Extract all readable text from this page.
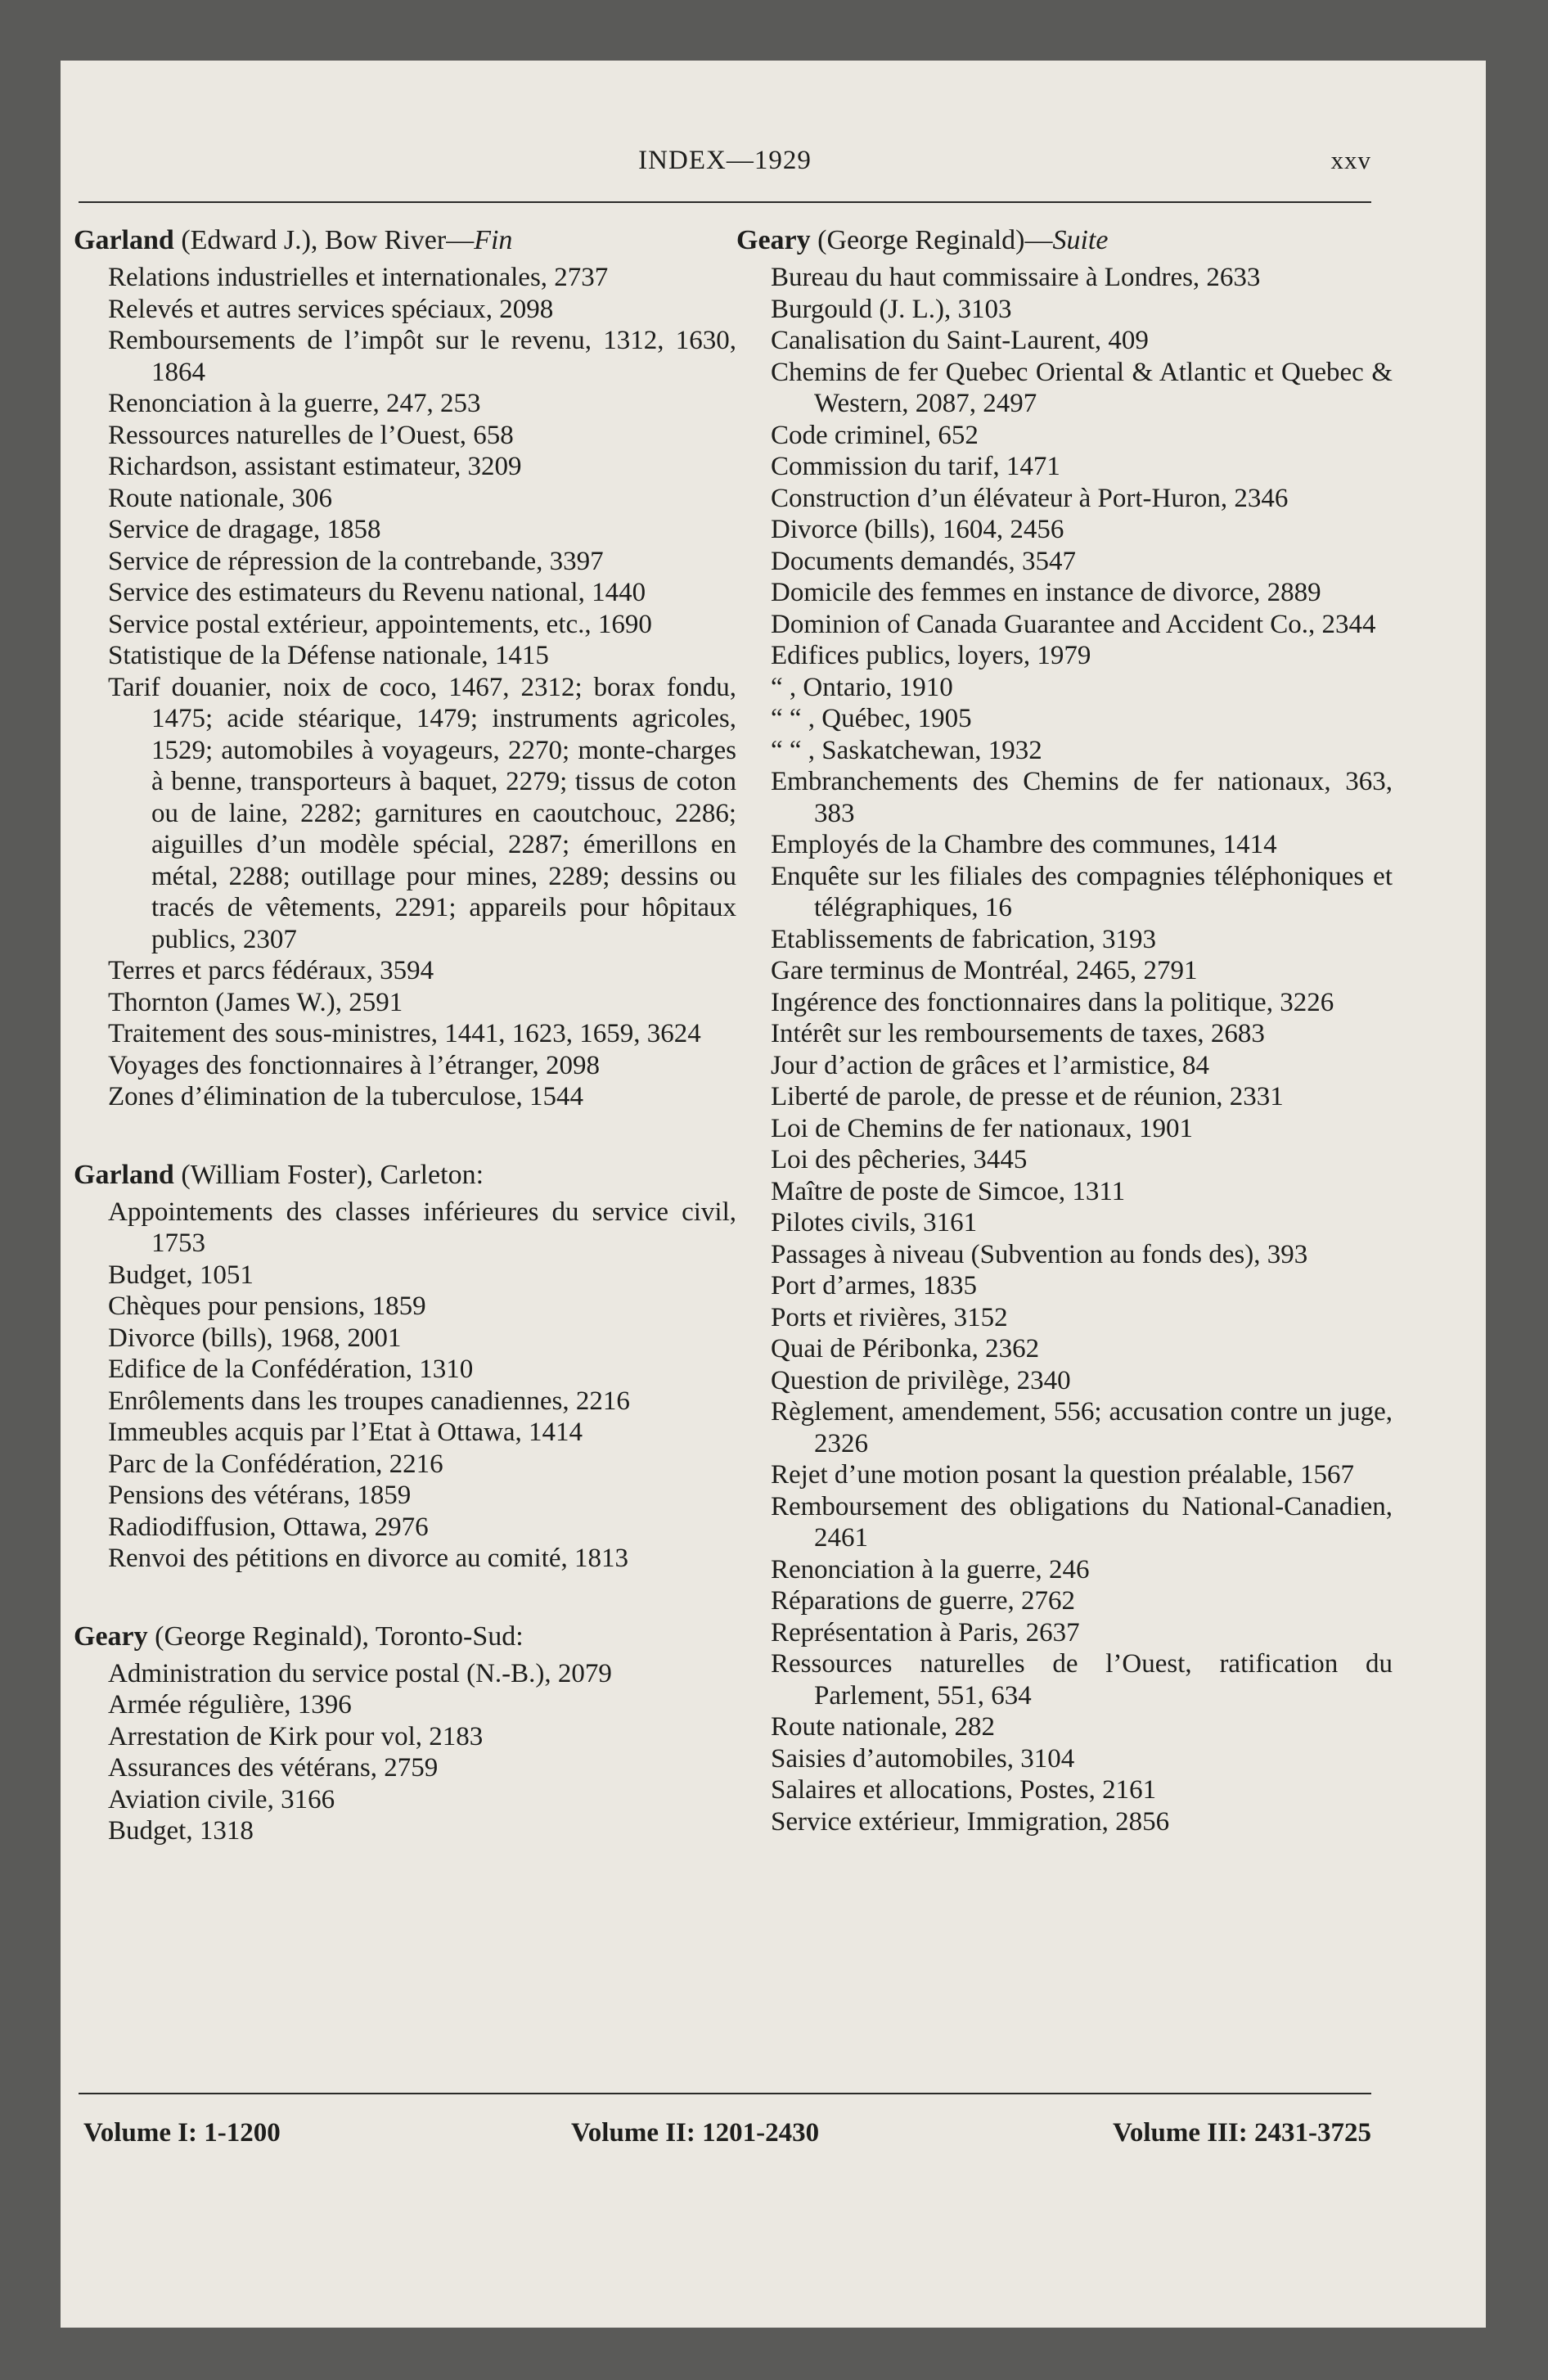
INDEX—1929	xxv
Garland (Edward J.), Bow River—Fin
Relations industrielles et internationales, 2737
Relevés et autres services spéciaux, 2098
Remboursements de l’impôt sur le revenu, 1312, 1630, 1864
Renonciation à la guerre, 247, 253
Ressources naturelles de l’Ouest, 658
Richardson, assistant estimateur, 3209
Route nationale, 306
Service de dragage, 1858
Service de répression de la contrebande, 3397
Service des estimateurs du Revenu national, 1440
Service postal extérieur, appointements, etc., 1690
Statistique de la Défense nationale, 1415
Tarif douanier, noix de coco, 1467, 2312; borax fondu, 1475; acide stéarique, 1479; instruments agricoles, 1529; automobiles à voyageurs, 2270; monte-charges à benne, transporteurs à baquet, 2279; tissus de coton ou de laine, 2282; garnitures en caoutchouc, 2286; aiguilles d’un modèle spécial, 2287; émerillons en métal, 2288; outillage pour mines, 2289; dessins ou tracés de vêtements, 2291; appareils pour hôpitaux publics, 2307
Terres et parcs fédéraux, 3594
Thornton (James W.), 2591
Traitement des sous-ministres, 1441, 1623, 1659, 3624
Voyages des fonctionnaires à l’étranger, 2098
Zones d’élimination de la tuberculose, 1544
Garland (William Foster), Carleton:
Appointements des classes inférieures du service civil, 1753
Budget, 1051
Chèques pour pensions, 1859
Divorce (bills), 1968, 2001
Edifice de la Confédération, 1310
Enrôlements dans les troupes canadiennes, 2216
Immeubles acquis par l’Etat à Ottawa, 1414
Parc de la Confédération, 2216
Pensions des vétérans, 1859
Radiodiffusion, Ottawa, 2976
Renvoi des pétitions en divorce au comité, 1813
Geary (George Reginald), Toronto-Sud:
Administration du service postal (N.-B.), 2079
Armée régulière, 1396
Arrestation de Kirk pour vol, 2183
Assurances des vétérans, 2759
Aviation civile, 3166
Budget, 1318
Geary (George Reginald)—Suite
Bureau du haut commissaire à Londres, 2633
Burgould (J. L.), 3103
Canalisation du Saint-Laurent, 409
Chemins de fer Quebec Oriental & Atlantic et Quebec & Western, 2087, 2497
Code criminel, 652
Commission du tarif, 1471
Construction d’un élévateur à Port-Huron, 2346
Divorce (bills), 1604, 2456
Documents demandés, 3547
Domicile des femmes en instance de divorce, 2889
Dominion of Canada Guarantee and Accident Co., 2344
Edifices publics, loyers, 1979
“ , Ontario, 1910
“ “ , Québec, 1905
“ “ , Saskatchewan, 1932
Embranchements des Chemins de fer nationaux, 363, 383
Employés de la Chambre des communes, 1414
Enquête sur les filiales des compagnies téléphoniques et télégraphiques, 16
Etablissements de fabrication, 3193
Gare terminus de Montréal, 2465, 2791
Ingérence des fonctionnaires dans la politique, 3226
Intérêt sur les remboursements de taxes, 2683
Jour d’action de grâces et l’armistice, 84
Liberté de parole, de presse et de réunion, 2331
Loi de Chemins de fer nationaux, 1901
Loi des pêcheries, 3445
Maître de poste de Simcoe, 1311
Pilotes civils, 3161
Passages à niveau (Subvention au fonds des), 393
Port d’armes, 1835
Ports et rivières, 3152
Quai de Péribonka, 2362
Question de privilège, 2340
Règlement, amendement, 556; accusation contre un juge, 2326
Rejet d’une motion posant la question préalable, 1567
Remboursement des obligations du National-Canadien, 2461
Renonciation à la guerre, 246
Réparations de guerre, 2762
Représentation à Paris, 2637
Ressources naturelles de l’Ouest, ratification du Parlement, 551, 634
Route nationale, 282
Saisies d’automobiles, 3104
Salaires et allocations, Postes, 2161
Service extérieur, Immigration, 2856
Volume I: 1-1200	Volume II: 1201-2430	Volume III: 2431-3725
